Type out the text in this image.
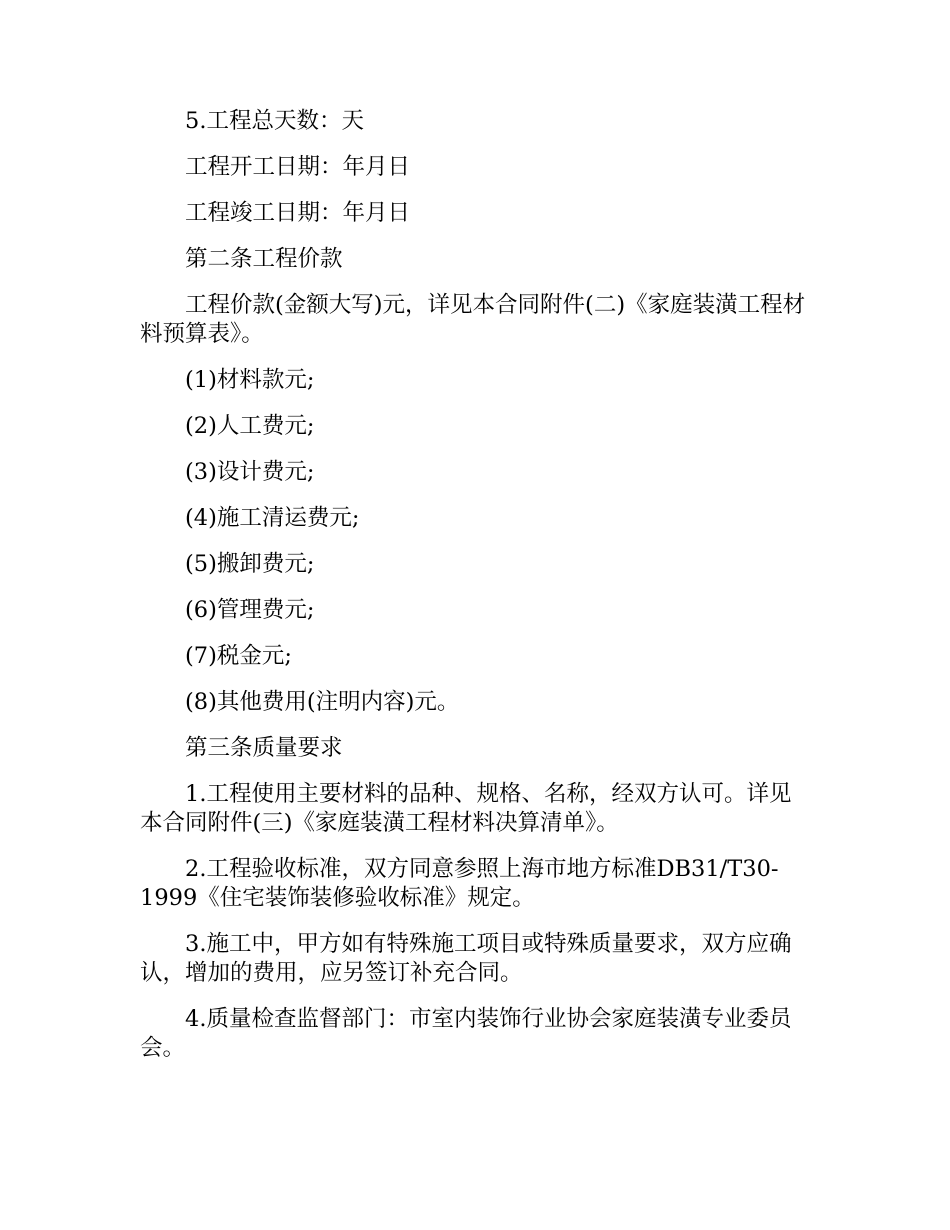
5.工程总天数：天

工程开工日期：年月日

工程竣工日期：年月日

第二条工程价款

工程价款(金额大写)元，详见本合同附件(二)《家庭装潢工程材料预算表》。

(1)材料款元;

(2)人工费元;

(3)设计费元;

(4)施工清运费元;

(5)搬卸费元;

(6)管理费元;

(7)税金元;

(8)其他费用(注明内容)元。

第三条质量要求

1.工程使用主要材料的品种、规格、名称，经双方认可。详见本合同附件(三)《家庭装潢工程材料决算清单》。

2.工程验收标准，双方同意参照上海市地方标准DB31/T30-1999《住宅装饰装修验收标准》规定。

3.施工中，甲方如有特殊施工项目或特殊质量要求，双方应确认，增加的费用，应另签订补充合同。

4.质量检查监督部门：市室内装饰行业协会家庭装潢专业委员会。
